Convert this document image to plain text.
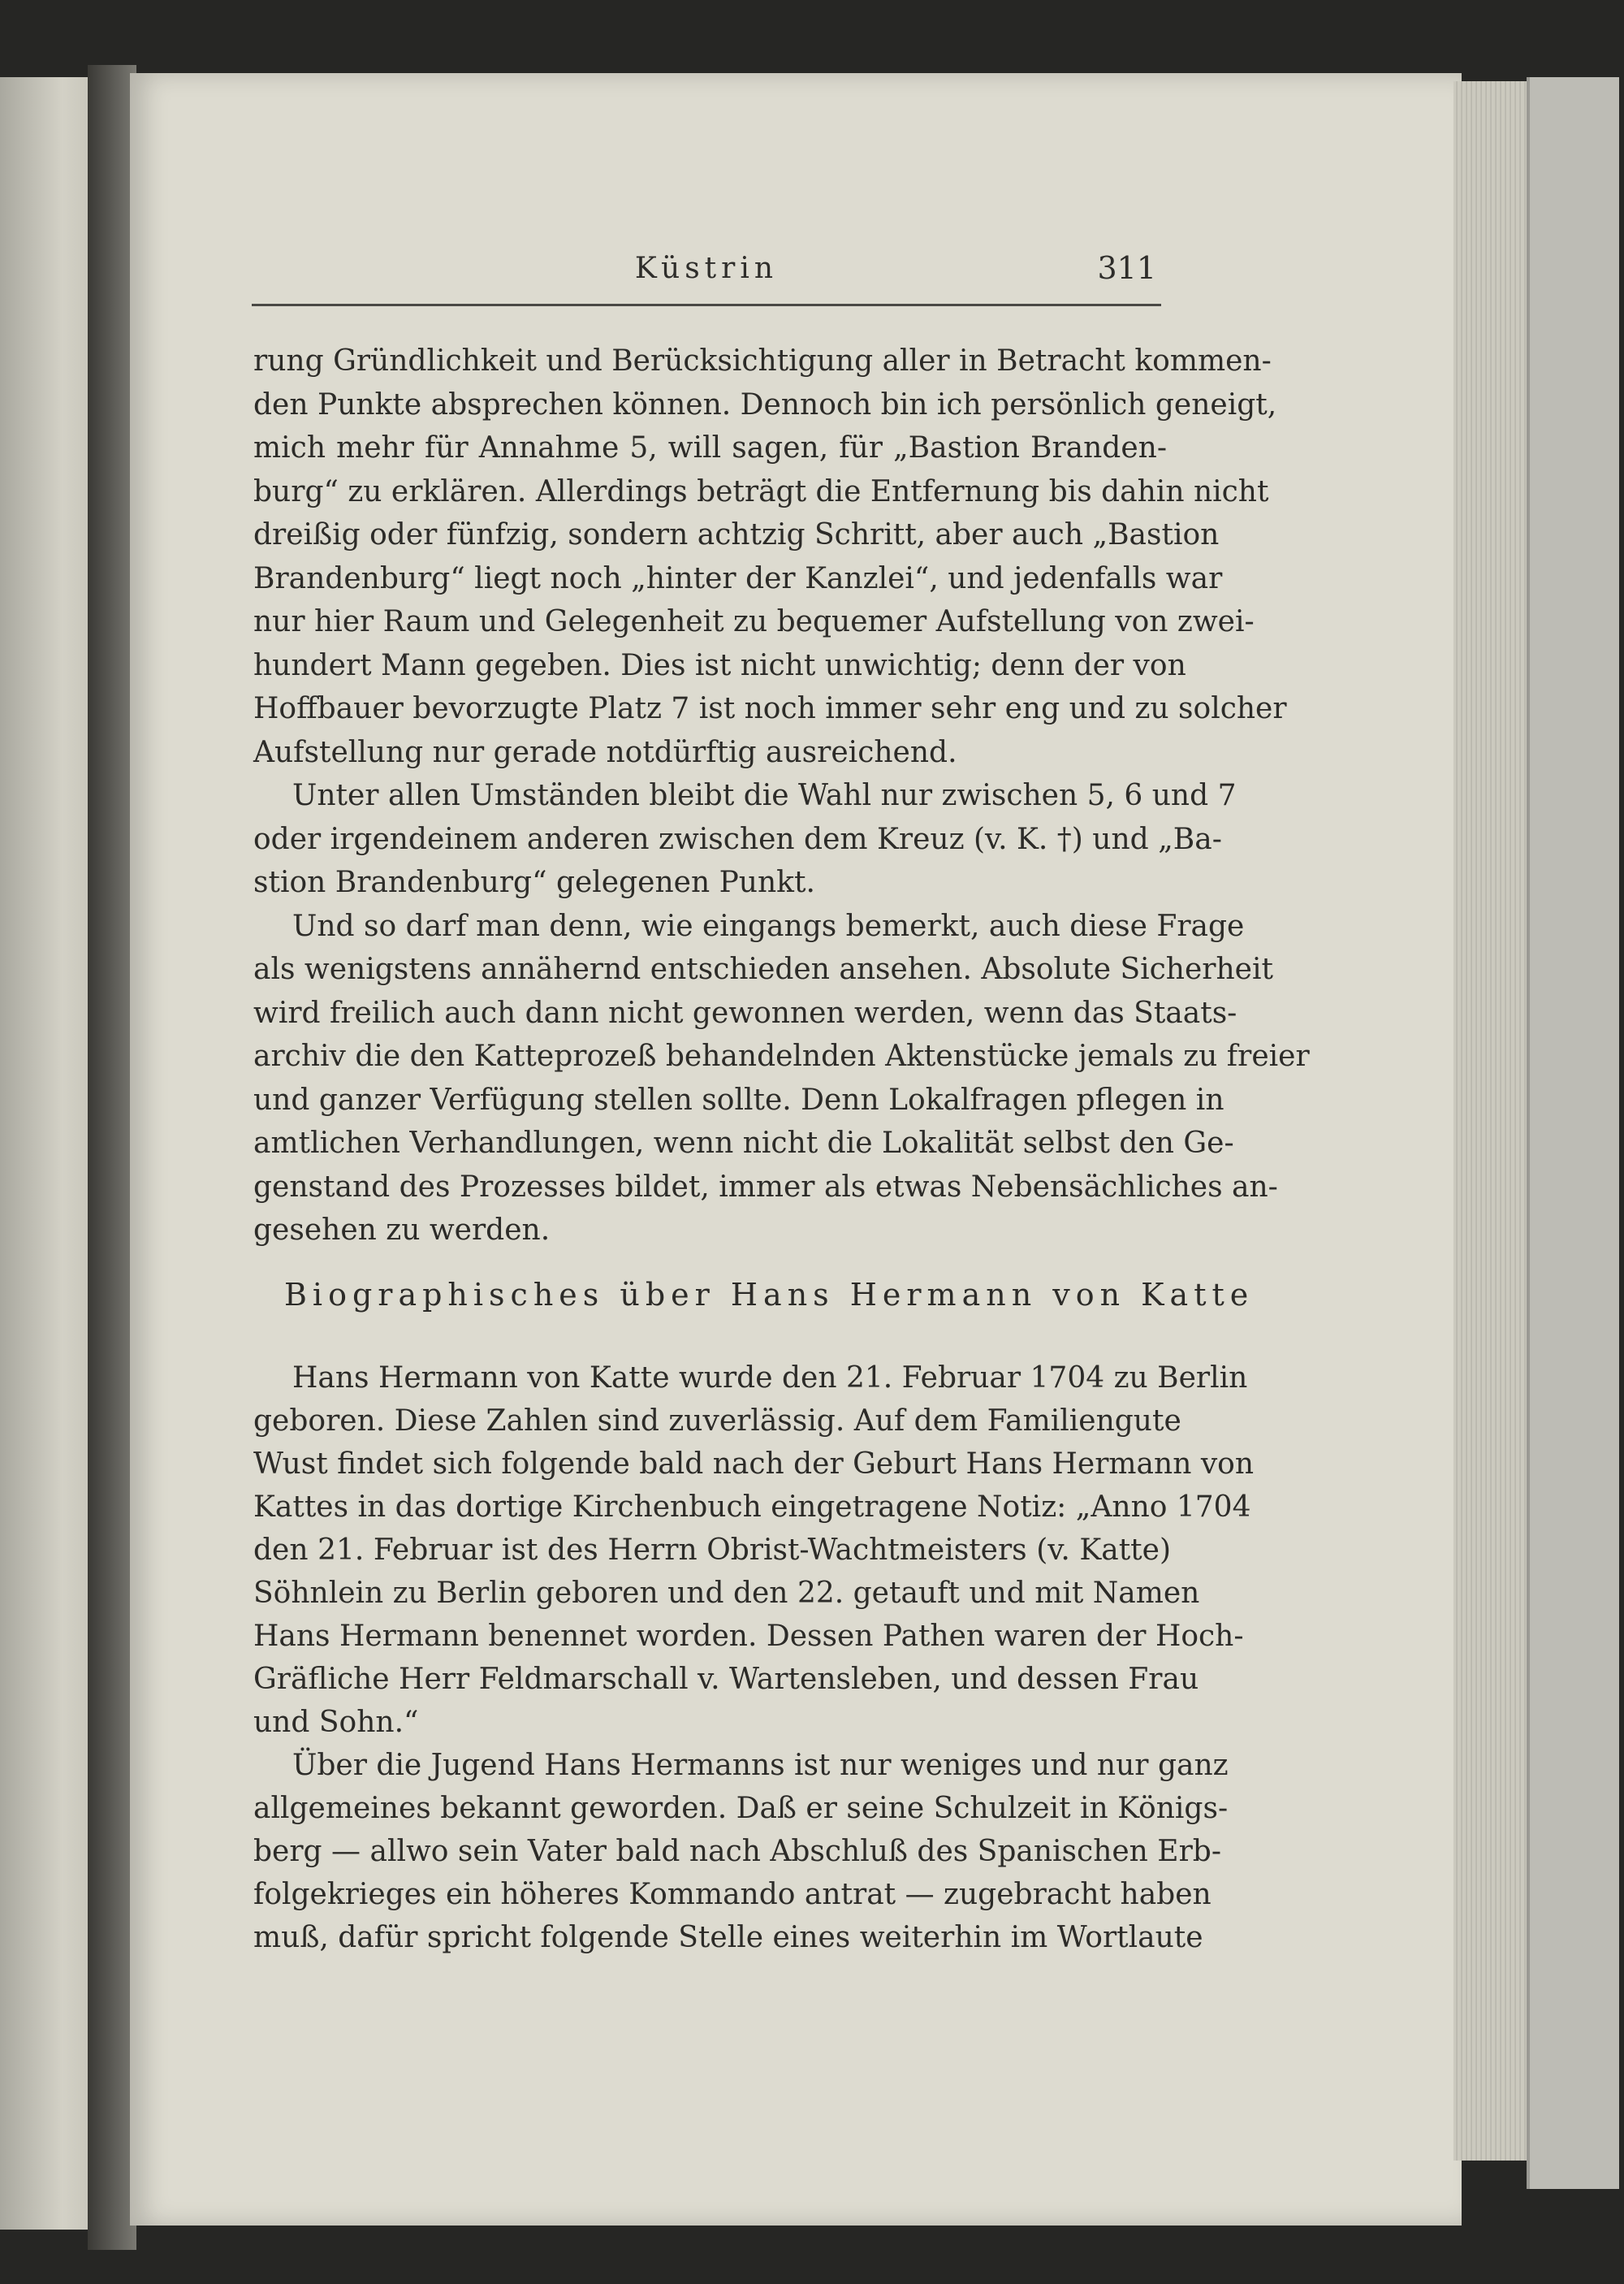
Küstrin	311
rung Gründlichkeit und Berücksichtigung aller in Betracht kommen-
den Punkte absprechen können. Dennoch bin ich persönlich geneigt,
mich mehr für Annahme 5, will sagen, für „Bastion Branden-
burg“ zu erklären. Allerdings beträgt die Entfernung bis dahin nicht
dreißig oder fünfzig, sondern achtzig Schritt, aber auch „Bastion
Brandenburg“ liegt noch „hinter der Kanzlei“, und jedenfalls war
nur hier Raum und Gelegenheit zu bequemer Aufstellung von zwei-
hundert Mann gegeben. Dies ist nicht unwichtig; denn der von
Hoffbauer bevorzugte Platz 7 ist noch immer sehr eng und zu solcher
Aufstellung nur gerade notdürftig ausreichend.
Unter allen Umständen bleibt die Wahl nur zwischen 5, 6 und 7
oder irgendeinem anderen zwischen dem Kreuz (v. K. †) und „Ba-
stion Brandenburg“ gelegenen Punkt.
Und so darf man denn, wie eingangs bemerkt, auch diese Frage
als wenigstens annähernd entschieden ansehen. Absolute Sicherheit
wird freilich auch dann nicht gewonnen werden, wenn das Staats-
archiv die den Katteprozeß behandelnden Aktenstücke jemals zu freier
und ganzer Verfügung stellen sollte. Denn Lokalfragen pflegen in
amtlichen Verhandlungen, wenn nicht die Lokalität selbst den Ge-
genstand des Prozesses bildet, immer als etwas Nebensächliches an-
gesehen zu werden.
Biographisches über Hans Hermann von Katte
Hans Hermann von Katte wurde den 21. Februar 1704 zu Berlin
geboren. Diese Zahlen sind zuverlässig. Auf dem Familiengute
Wust findet sich folgende bald nach der Geburt Hans Hermann von
Kattes in das dortige Kirchenbuch eingetragene Notiz: „Anno 1704
den 21. Februar ist des Herrn Obrist-Wachtmeisters (v. Katte)
Söhnlein zu Berlin geboren und den 22. getauft und mit Namen
Hans Hermann benennet worden. Dessen Pathen waren der Hoch-
Gräfliche Herr Feldmarschall v. Wartensleben, und dessen Frau
und Sohn.“
Über die Jugend Hans Hermanns ist nur weniges und nur ganz
allgemeines bekannt geworden. Daß er seine Schulzeit in Königs-
berg — allwo sein Vater bald nach Abschluß des Spanischen Erb-
folgekrieges ein höheres Kommando antrat — zugebracht haben
muß, dafür spricht folgende Stelle eines weiterhin im Wortlaute
